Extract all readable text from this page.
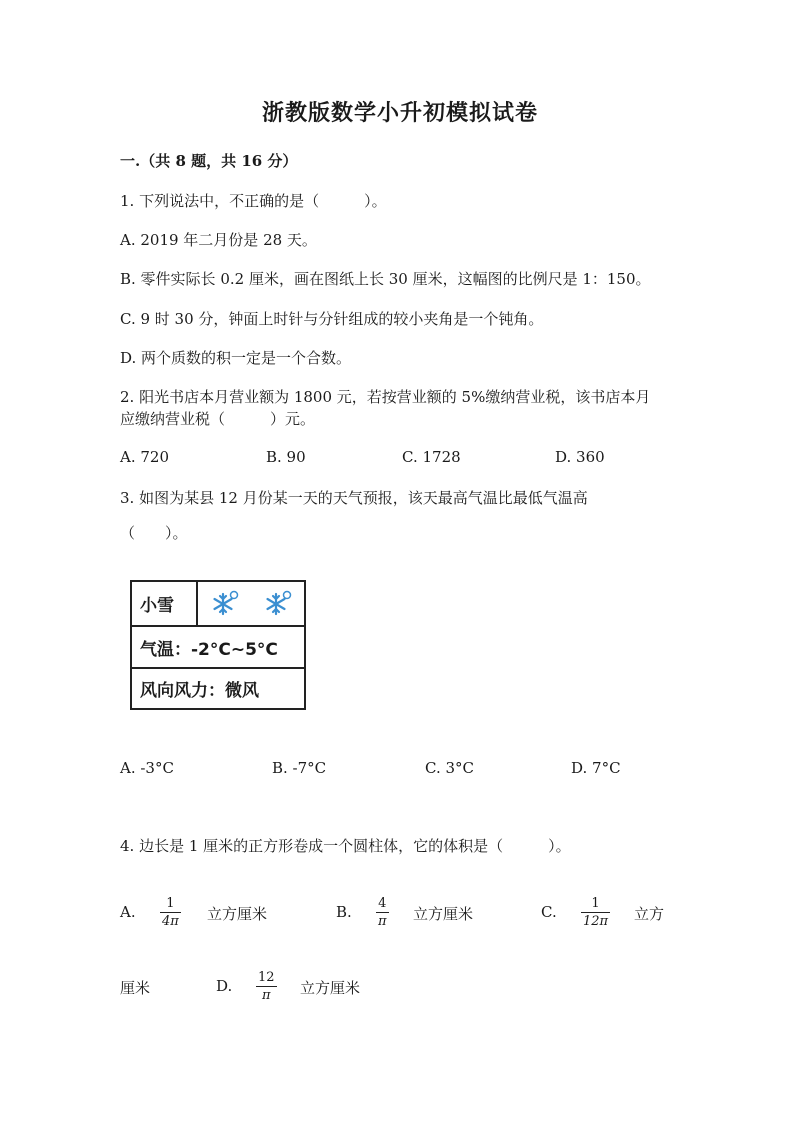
浙教版数学小升初模拟试卷
一.（共 8 题，共 16 分）
1. 下列说法中，不正确的是（　　　）。
A. 2019 年二月份是 28 天。
B. 零件实际长 0.2 厘米，画在图纸上长 30 厘米，这幅图的比例尺是 1：150。
C. 9 时 30 分，钟面上时针与分针组成的较小夹角是一个钝角。
D. 两个质数的积一定是一个合数。
2. 阳光书店本月营业额为 1800 元，若按营业额的 5%缴纳营业税，该书店本月
应缴纳营业税（　　　）元。
A. 720	B. 90	C. 1728	D. 360
3. 如图为某县 12 月份某一天的天气预报，该天最高气温比最低气温高
（　　）。
小雪
气温：-2°C~5°C
风向风力：微风
A. -3°C	B. -7°C	C. 3°C	D. 7°C
4. 边长是 1 厘米的正方形卷成一个圆柱体，它的体积是（　　　）。
A. 1
4π 立方厘米	B. 4
π 立方厘米	C.	1
12π 立方
厘米	D. 12
π 立方厘米
